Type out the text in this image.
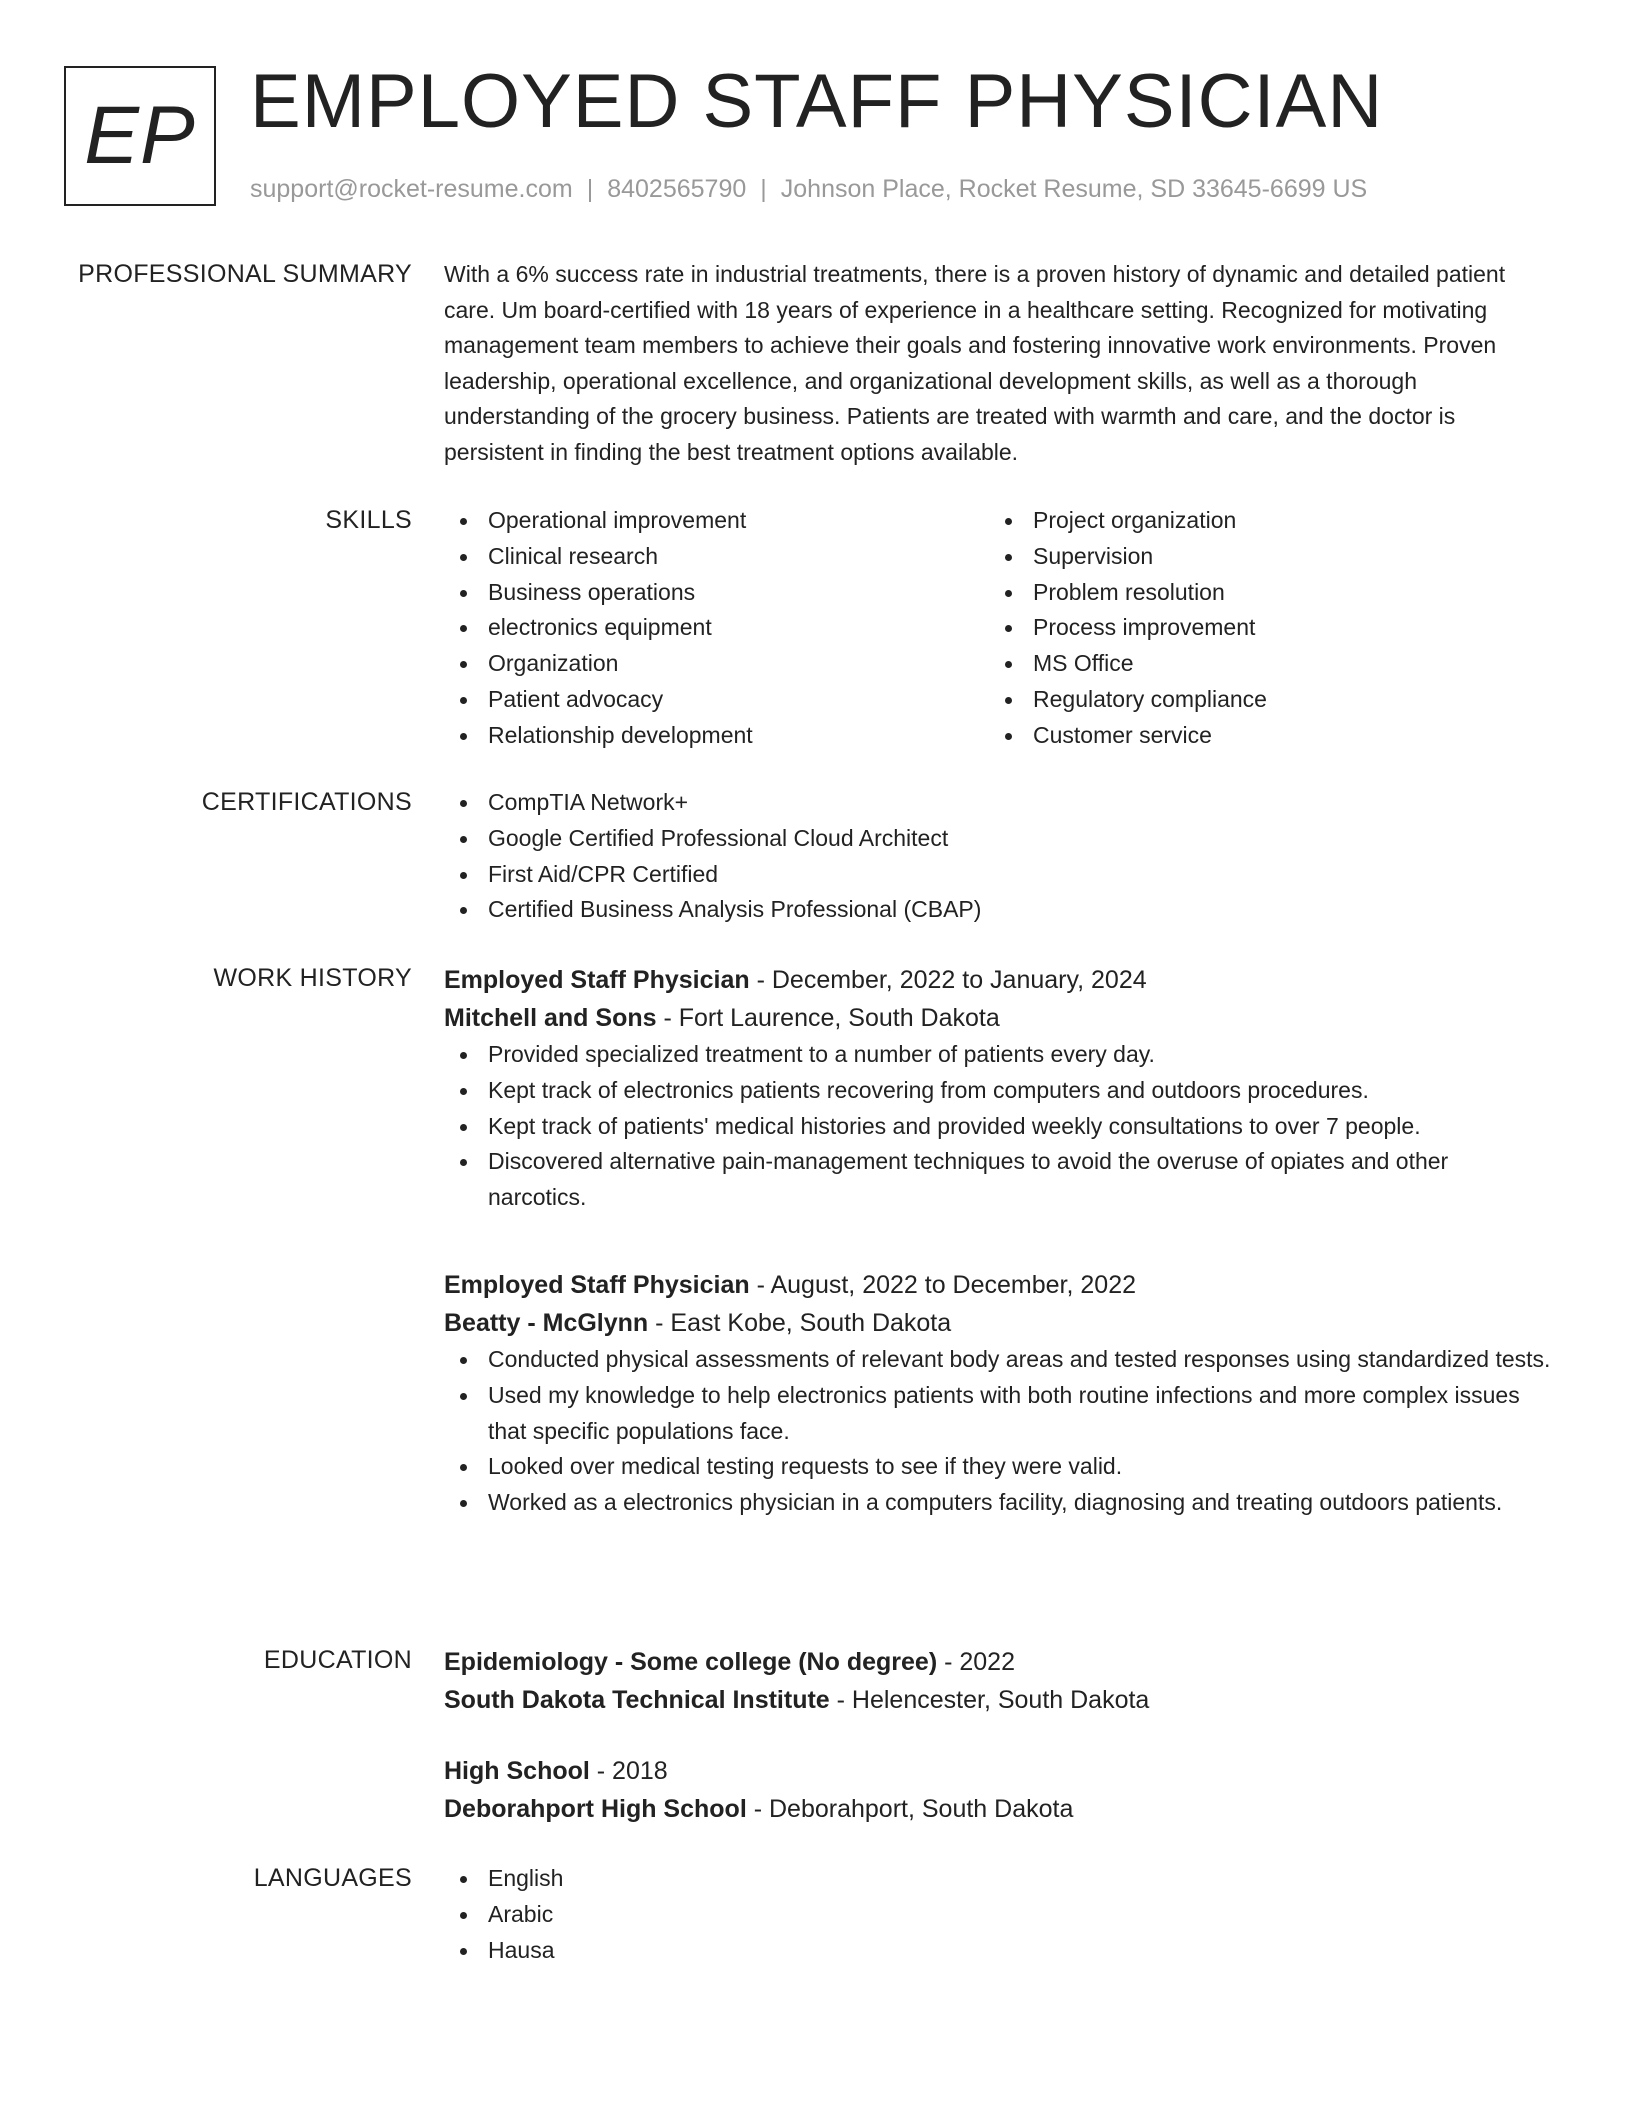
EP EMPLOYED STAFF PHYSICIAN
support@rocket-resume.com | 8402565790 | Johnson Place, Rocket Resume, SD 33645-6699 US
PROFESSIONAL SUMMARY With a 6% success rate in industrial treatments, there is a proven history of dynamic and detailed patient care. Um board-certified with 18 years of experience in a healthcare setting. Recognized for motivating management team members to achieve their goals and fostering innovative work environments. Proven leadership, operational excellence, and organizational development skills, as well as a thorough understanding of the grocery business. Patients are treated with warmth and care, and the doctor is persistent in finding the best treatment options available.

SKILLS	Operational improvement
Clinical research
Business operations
electronics equipment
Organization
Patient advocacy
Relationship development
Project organization
Supervision
Problem resolution
Process improvement
MS Office
Regulatory compliance
Customer service
CERTIFICATIONS	CompTIA Network+
Google Certified Professional Cloud Architect
First Aid/CPR Certified
Certified Business Analysis Professional (CBAP)
WORK HISTORY Employed Staff Physician - December, 2022 to January, 2024
Mitchell and Sons - Fort Laurence, South Dakota
Provided specialized treatment to a number of patients every day.
Kept track of electronics patients recovering from computers and outdoors procedures.
Kept track of patients' medical histories and provided weekly consultations to over 7 people.
Discovered alternative pain-management techniques to avoid the overuse of opiates and other narcotics.
Employed Staff Physician - August, 2022 to December, 2022
Beatty - McGlynn - East Kobe, South Dakota
Conducted physical assessments of relevant body areas and tested responses using standardized tests.
Used my knowledge to help electronics patients with both routine infections and more complex issues that specific populations face.
Looked over medical testing requests to see if they were valid.
Worked as a electronics physician in a computers facility, diagnosing and treating outdoors patients.
EDUCATION Epidemiology - Some college (No degree) - 2022
South Dakota Technical Institute - Helencester, South Dakota
High School - 2018
Deborahport High School - Deborahport, South Dakota
LANGUAGES	English
Arabic
Hausa
